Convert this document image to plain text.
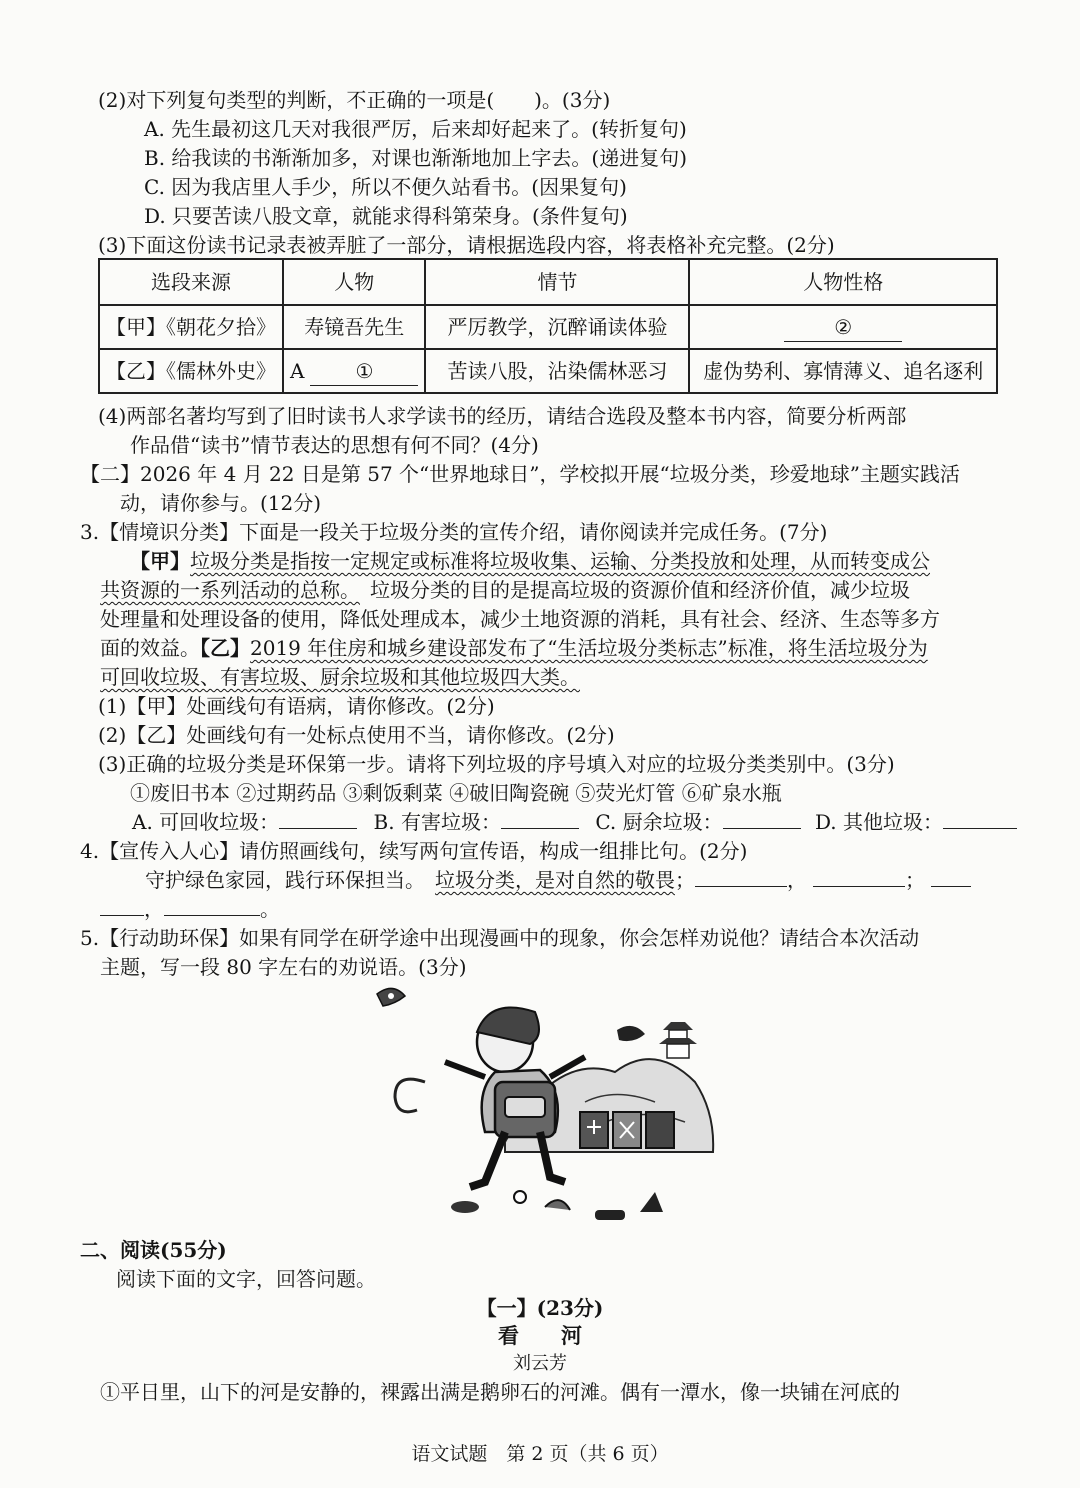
(2)对下列复句类型的判断，不正确的一项是(　　)。(3分)
A. 先生最初这几天对我很严厉，后来却好起来了。(转折复句)
B. 给我读的书渐渐加多，对课也渐渐地加上字去。(递进复句)
C. 因为我店里人手少，所以不便久站看书。(因果复句)
D. 只要苦读八股文章，就能求得科第荣身。(条件复句)
(3)下面这份读书记录表被弄脏了一部分，请根据选段内容，将表格补充完整。(2分)
选段来源	人物	情节	人物性格
【甲】《朝花夕拾》	寿镜吾先生	严厉教学，沉醉诵读体验	②
【乙】《儒林外史》	A ①	苦读八股，沾染儒林恶习	虚伪势利、寡情薄义、追名逐利
(4)两部名著均写到了旧时读书人求学读书的经历，请结合选段及整本书内容，简要分析两部
作品借“读书”情节表达的思想有何不同？(4分)
【二】2026 年 4 月 22 日是第 57 个“世界地球日”，学校拟开展“垃圾分类，珍爱地球”主题实践活
动，请你参与。(12分)
3.【情境识分类】下面是一段关于垃圾分类的宣传介绍，请你阅读并完成任务。(7分)
【甲】垃圾分类是指按一定规定或标准将垃圾收集、运输、分类投放和处理，从而转变成公
共资源的一系列活动的总称。 垃圾分类的目的是提高垃圾的资源价值和经济价值，减少垃圾
处理量和处理设备的使用，降低处理成本，减少土地资源的消耗，具有社会、经济、生态等多方
面的效益。【乙】2019 年住房和城乡建设部发布了“生活垃圾分类标志”标准，将生活垃圾分为
可回收垃圾、有害垃圾、厨余垃圾和其他垃圾四大类。
(1)【甲】处画线句有语病，请你修改。(2分)
(2)【乙】处画线句有一处标点使用不当，请你修改。(2分)
(3)正确的垃圾分类是环保第一步。请将下列垃圾的序号填入对应的垃圾分类类别中。(3分)
①废旧书本 ②过期药品 ③剩饭剩菜 ④破旧陶瓷碗 ⑤荧光灯管 ⑥矿泉水瓶
A. 可回收垃圾：	B. 有害垃圾：	C. 厨余垃圾：	D. 其他垃圾：
4.【宣传入人心】请仿照画线句，续写两句宣传语，构成一组排比句。(2分)
守护绿色家园，践行环保担当。 垃圾分类，是对自然的敬畏；	，	；
，	。
5.【行动助环保】如果有同学在研学途中出现漫画中的现象，你会怎样劝说他？请结合本次活动
主题，写一段 80 字左右的劝说语。(3分)
二、阅读(55分)
阅读下面的文字，回答问题。
【一】(23分)
看　　河
刘云芳
①平日里，山下的河是安静的，裸露出满是鹅卵石的河滩。偶有一潭水，像一块铺在河底的
语文试题　第 2 页（共 6 页）
